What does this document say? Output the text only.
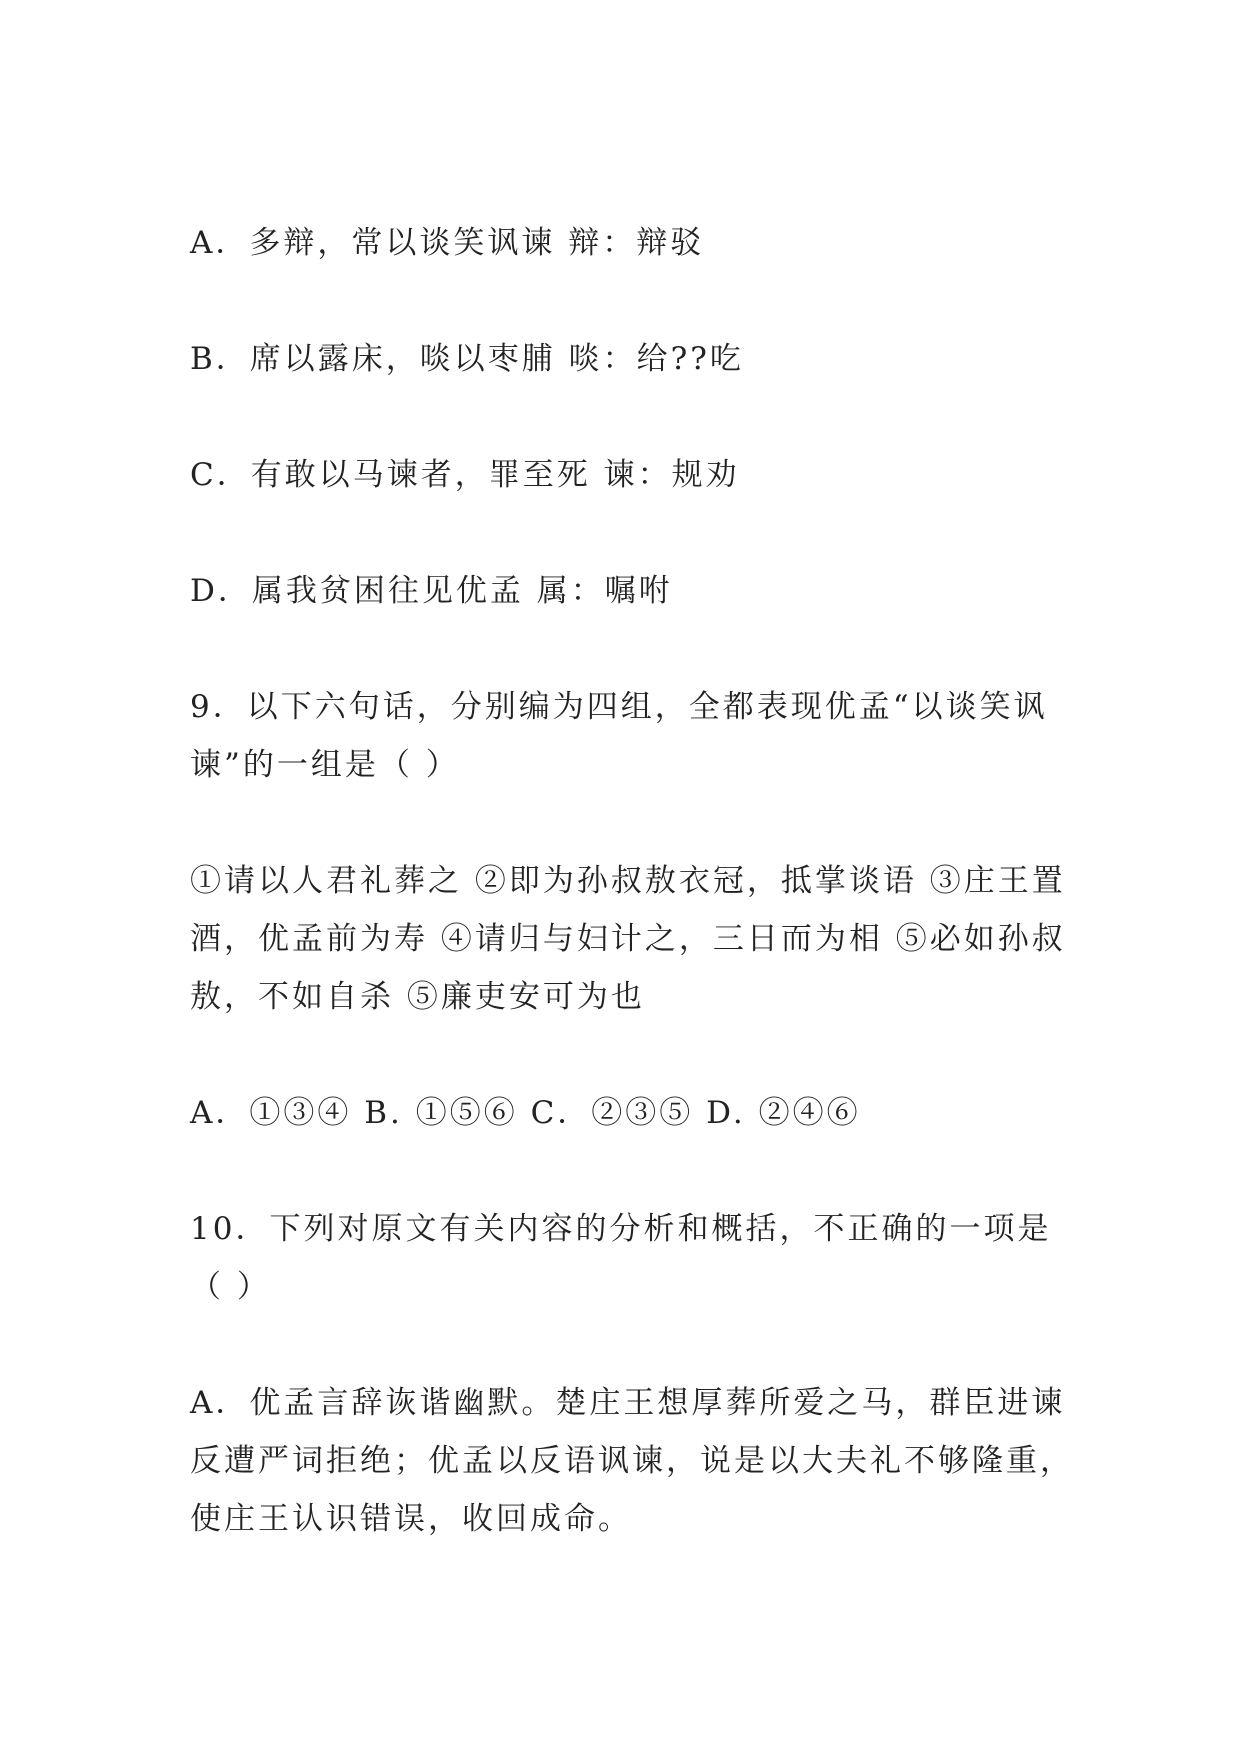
A．多辩，常以谈笑讽谏 辩：辩驳
B．席以露床，啖以枣脯 啖：给??吃
C．有敢以马谏者，罪至死 谏：规劝
D．属我贫困往见优孟 属：嘱咐
9．以下六句话，分别编为四组，全都表现优孟“以谈笑讽
谏”的一组是（ ）
①请以人君礼葬之 ②即为孙叔敖衣冠，抵掌谈语 ③庄王置
酒，优孟前为寿 ④请归与妇计之，三日而为相 ⑤必如孙叔
敖，不如自杀 ⑤廉吏安可为也
A．①③④ B. ①⑤⑥ C．②③⑤ D. ②④⑥
10．下列对原文有关内容的分析和概括，不正确的一项是
（ ）
A．优孟言辞诙谐幽默。楚庄王想厚葬所爱之马，群臣进谏
反遭严词拒绝；优孟以反语讽谏，说是以大夫礼不够隆重，
使庄王认识错误，收回成命。
